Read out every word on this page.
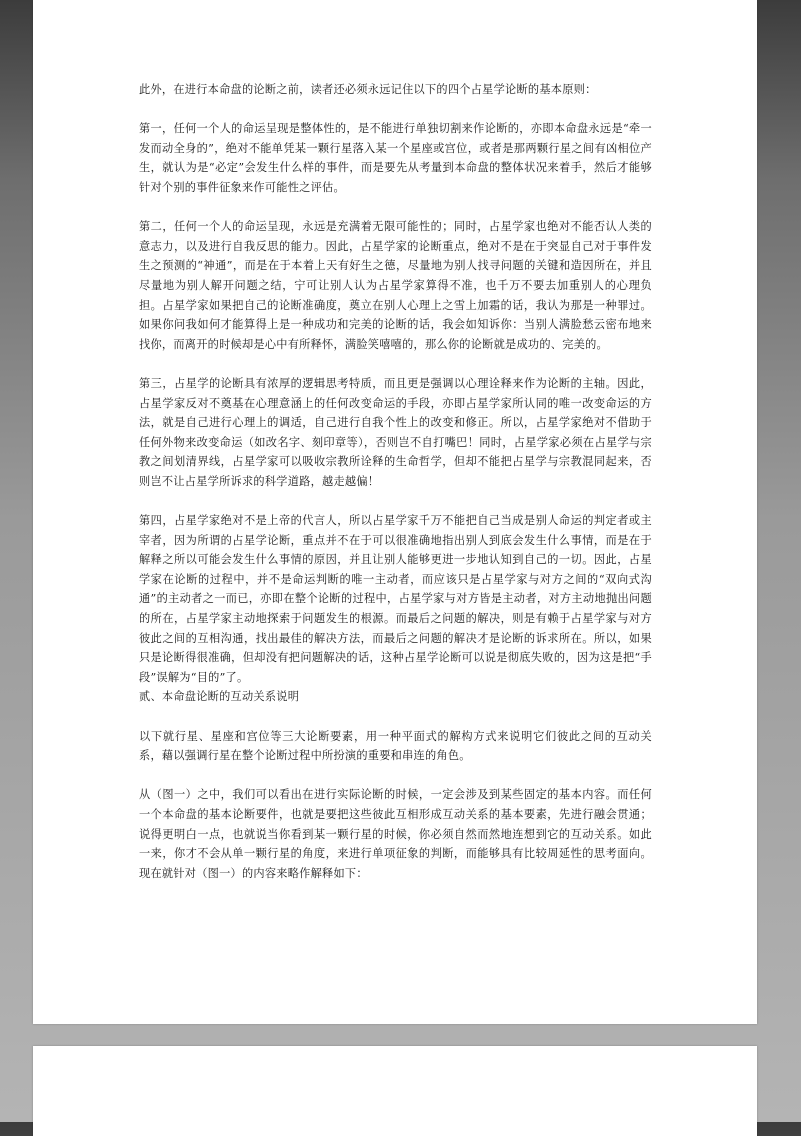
此外，在进行本命盘的论断之前，读者还必须永远记住以下的四个占星学论断的基本原则：

第一，任何一个人的命运呈现是整体性的，是不能进行单独切割来作论断的，亦即本命盘永远是“牵一发而动全身的”，绝对不能单凭某一颗行星落入某一个星座或宫位，或者是那两颗行星之间有凶相位产生，就认为是“必定”会发生什么样的事件，而是要先从考量到本命盘的整体状况来着手，然后才能够针对个别的事件征象来作可能性之评估。

第二，任何一个人的命运呈现，永远是充满着无限可能性的；同时，占星学家也绝对不能否认人类的意志力，以及进行自我反思的能力。因此，占星学家的论断重点，绝对不是在于突显自己对于事件发生之预测的“神通”，而是在于本着上天有好生之德，尽量地为别人找寻问题的关键和造因所在，并且尽量地为别人解开问题之结，宁可让别人认为占星学家算得不准，也千万不要去加重别人的心理负担。占星学家如果把自己的论断准确度，奠立在别人心理上之雪上加霜的话，我认为那是一种罪过。如果你问我如何才能算得上是一种成功和完美的论断的话，我会如知诉你：当别人满脸愁云密布地来找你，而离开的时候却是心中有所释怀，满脸笑嘻嘻的，那么你的论断就是成功的、完美的。

第三，占星学的论断具有浓厚的逻辑思考特质，而且更是强调以心理诠释来作为论断的主轴。因此，占星学家反对不奠基在心理意涵上的任何改变命运的手段，亦即占星学家所认同的唯一改变命运的方法，就是自己进行心理上的调适，自己进行自我个性上的改变和修正。所以，占星学家绝对不借助于任何外物来改变命运（如改名字、刻印章等），否则岂不自打嘴巴！同时，占星学家必须在占星学与宗教之间划清界线，占星学家可以吸收宗教所诠释的生命哲学，但却不能把占星学与宗教混同起来，否则岂不让占星学所诉求的科学道路，越走越偏！

第四，占星学家绝对不是上帝的代言人，所以占星学家千万不能把自己当成是别人命运的判定者或主宰者，因为所谓的占星学论断，重点并不在于可以很准确地指出别人到底会发生什么事情，而是在于解释之所以可能会发生什么事情的原因，并且让别人能够更进一步地认知到自己的一切。因此，占星学家在论断的过程中，并不是命运判断的唯一主动者，而应该只是占星学家与对方之间的“双向式沟通”的主动者之一而已，亦即在整个论断的过程中，占星学家与对方皆是主动者，对方主动地抛出问题的所在，占星学家主动地探索于问题发生的根源。而最后之问题的解决，则是有赖于占星学家与对方彼此之间的互相沟通，找出最佳的解决方法，而最后之问题的解决才是论断的诉求所在。所以，如果只是论断得很准确，但却没有把问题解决的话，这种占星学论断可以说是彻底失败的，因为这是把“手段”误解为“目的”了。

贰、本命盘论断的互动关系说明

以下就行星、星座和宫位等三大论断要素，用一种平面式的解构方式来说明它们彼此之间的互动关系，藉以强调行星在整个论断过程中所扮演的重要和串连的角色。

从（图一）之中，我们可以看出在进行实际论断的时候，一定会涉及到某些固定的基本内容。而任何一个本命盘的基本论断要件，也就是要把这些彼此互相形成互动关系的基本要素，先进行融会贯通；说得更明白一点，也就说当你看到某一颗行星的时候，你必须自然而然地连想到它的互动关系。如此一来，你才不会从单一颗行星的角度，来进行单项征象的判断，而能够具有比较周延性的思考面向。现在就针对（图一）的内容来略作解释如下：
